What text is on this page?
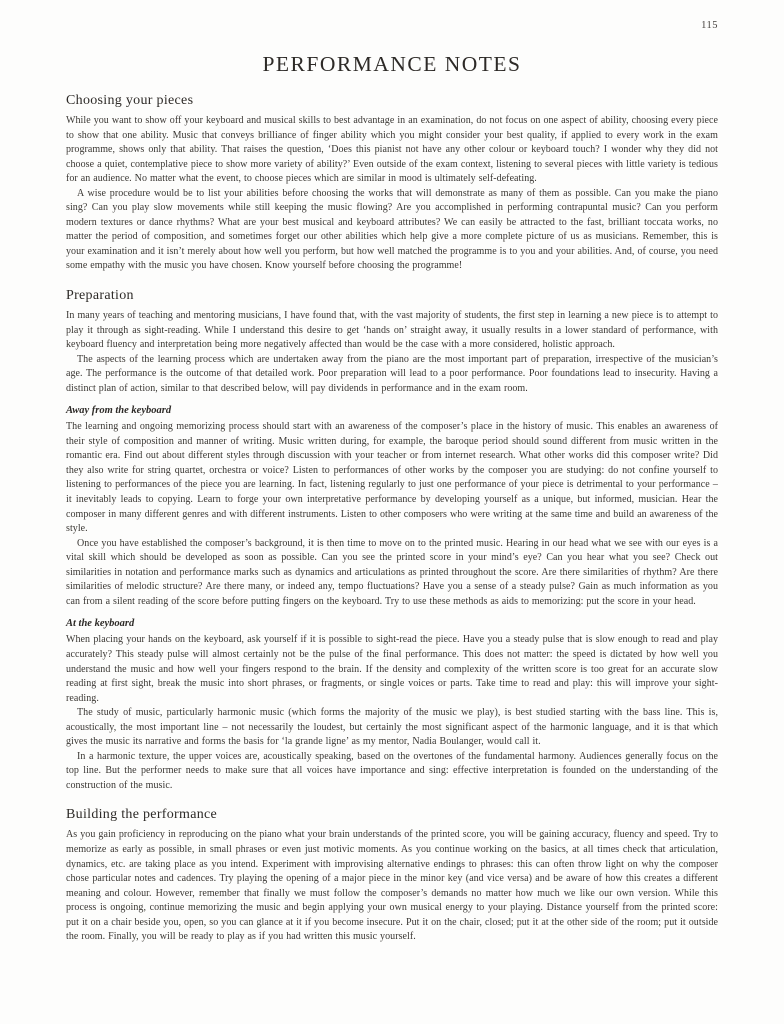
115
PERFORMANCE NOTES
Choosing your pieces

While you want to show off your keyboard and musical skills to best advantage in an examination, do not focus on one aspect of ability, choosing every piece to show that one ability. Music that conveys brilliance of finger ability which you might consider your best quality, if applied to every work in the exam programme, shows only that ability. That raises the question, ‘Does this pianist not have any other colour or keyboard touch? I wonder why they did not choose a quiet, contemplative piece to show more variety of ability?’ Even outside of the exam context, listening to several pieces with little variety is tedious for an audience. No matter what the event, to choose pieces which are similar in mood is ultimately self-defeating.

A wise procedure would be to list your abilities before choosing the works that will demonstrate as many of them as possible. Can you make the piano sing? Can you play slow movements while still keeping the music flowing? Are you accomplished in performing contrapuntal music? Can you perform modern textures or dance rhythms? What are your best musical and keyboard attributes? We can easily be attracted to the fast, brilliant toccata works, no matter the period of composition, and sometimes forget our other abilities which help give a more complete picture of us as musicians. Remember, this is your examination and it isn’t merely about how well you perform, but how well matched the programme is to you and your abilities. And, of course, you need some empathy with the music you have chosen. Know yourself before choosing the programme!

Preparation

In many years of teaching and mentoring musicians, I have found that, with the vast majority of students, the first step in learning a new piece is to attempt to play it through as sight-reading. While I understand this desire to get ‘hands on’ straight away, it usually results in a lower standard of performance, with keyboard fluency and interpretation being more negatively affected than would be the case with a more considered, holistic approach.

The aspects of the learning process which are undertaken away from the piano are the most important part of preparation, irrespective of the musician’s age. The performance is the outcome of that detailed work. Poor preparation will lead to a poor performance. Poor foundations lead to insecurity. Having a distinct plan of action, similar to that described below, will pay dividends in performance and in the exam room.

Away from the keyboard

The learning and ongoing memorizing process should start with an awareness of the composer’s place in the history of music. This enables an awareness of their style of composition and manner of writing. Music written during, for example, the baroque period should sound different from music written in the romantic era. Find out about different styles through discussion with your teacher or from internet research. What other works did this composer write? Did they also write for string quartet, orchestra or voice? Listen to performances of other works by the composer you are studying: do not confine yourself to listening to performances of the piece you are learning. In fact, listening regularly to just one performance of your piece is detrimental to your performance – it inevitably leads to copying. Learn to forge your own interpretative performance by developing yourself as a unique, but informed, musician. Hear the composer in many different genres and with different instruments. Listen to other composers who were writing at the same time and build an awareness of the style.

Once you have established the composer’s background, it is then time to move on to the printed music. Hearing in our head what we see with our eyes is a vital skill which should be developed as soon as possible. Can you see the printed score in your mind’s eye? Can you hear what you see? Check out similarities in notation and performance marks such as dynamics and articulations as printed throughout the score. Are there similarities of rhythm? Are there similarities of melodic structure? Are there many, or indeed any, tempo fluctuations? Have you a sense of a steady pulse? Gain as much information as you can from a silent reading of the score before putting fingers on the keyboard. Try to use these methods as aids to memorizing: put the score in your head.

At the keyboard

When placing your hands on the keyboard, ask yourself if it is possible to sight-read the piece. Have you a steady pulse that is slow enough to read and play accurately? This steady pulse will almost certainly not be the pulse of the final performance. This does not matter: the speed is dictated by how well you understand the music and how well your fingers respond to the brain. If the density and complexity of the written score is too great for an accurate slow reading at first sight, break the music into short phrases, or fragments, or single voices or parts. Take time to read and play: this will improve your sight-reading.

The study of music, particularly harmonic music (which forms the majority of the music we play), is best studied starting with the bass line. This is, acoustically, the most important line – not necessarily the loudest, but certainly the most significant aspect of the harmonic language, and it is that which gives the music its narrative and forms the basis for ‘la grande ligne’ as my mentor, Nadia Boulanger, would call it.

In a harmonic texture, the upper voices are, acoustically speaking, based on the overtones of the fundamental harmony. Audiences generally focus on the top line. But the performer needs to make sure that all voices have importance and sing: effective interpretation is founded on the understanding of the construction of the music.

Building the performance

As you gain proficiency in reproducing on the piano what your brain understands of the printed score, you will be gaining accuracy, fluency and speed. Try to memorize as early as possible, in small phrases or even just motivic moments. As you continue working on the basics, at all times check that articulation, dynamics, etc. are taking place as you intend. Experiment with improvising alternative endings to phrases: this can often throw light on why the composer chose particular notes and cadences. Try playing the opening of a major piece in the minor key (and vice versa) and be aware of how this creates a different meaning and colour. However, remember that finally we must follow the composer’s demands no matter how much we like our own version. While this process is ongoing, continue memorizing the music and begin applying your own musical energy to your playing. Distance yourself from the printed score: put it on a chair beside you, open, so you can glance at it if you become insecure. Put it on the chair, closed; put it at the other side of the room; put it outside the room. Finally, you will be ready to play as if you had written this music yourself.
